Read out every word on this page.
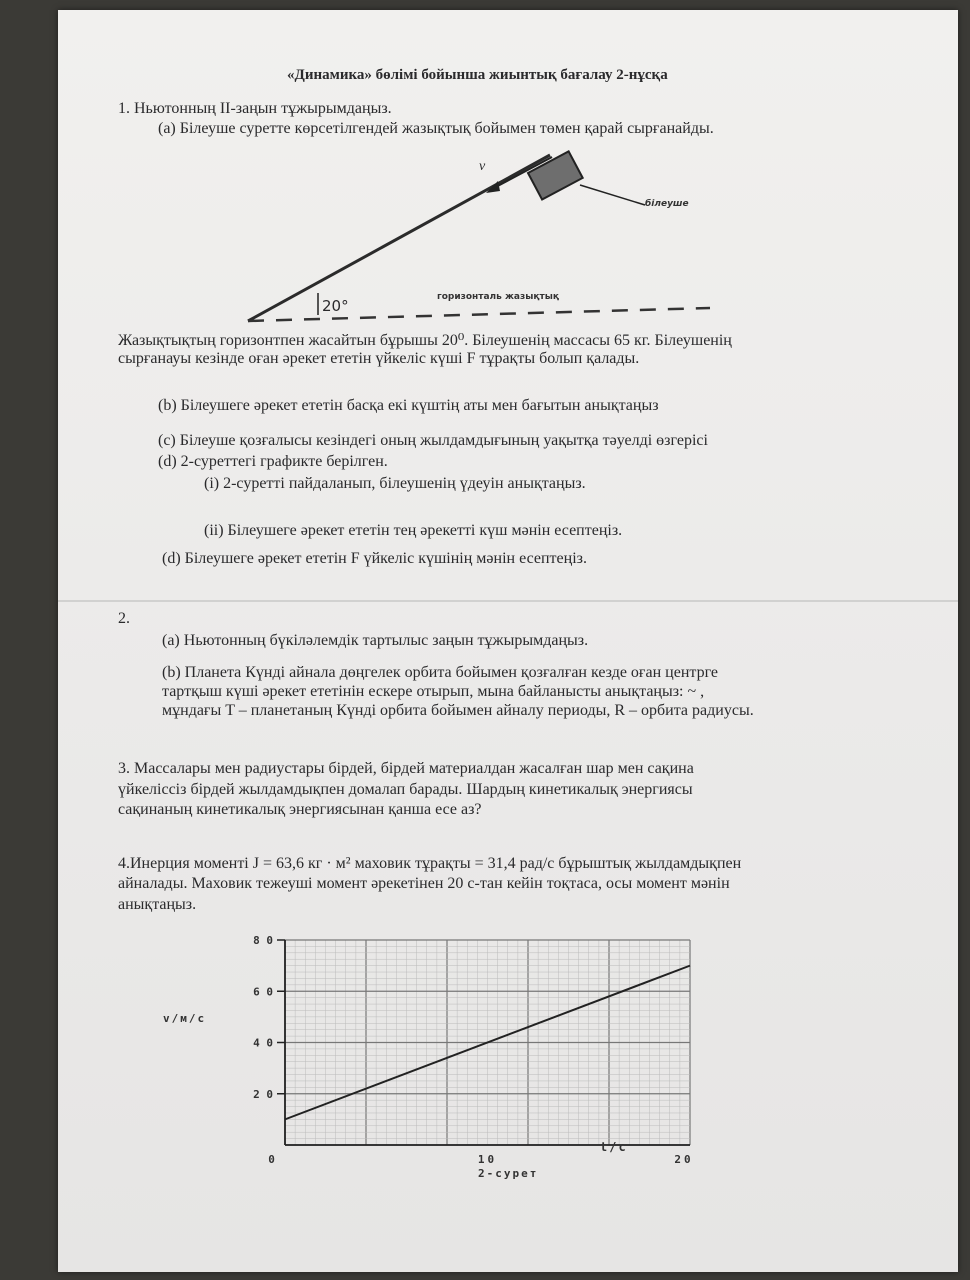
«Динамика» бөлімі бойынша жиынтық бағалау 2-нұсқа
1. Ньютонның ІІ-заңын тұжырымдаңыз.
(а) Білеуше суретте көрсетілгендей жазықтық бойымен төмен қарай сырғанайды.
v
білеуше
20°	горизонталь жазықтық
Жазықтықтың горизонтпен жасайтын бұрышы 20⁰. Білеушенің массасы 65 кг. Білеушенің
сырғанауы кезінде оған әрекет ететін үйкеліс күші F тұрақты болып қалады.
(b) Білеушеге әрекет ететін басқа екі күштің аты мен бағытын анықтаңыз
(c) Білеуше қозғалысы кезіндегі оның жылдамдығының уақытқа тәуелді өзгерісі
(d) 2-суреттегі графикте берілген.
(i) 2-суретті пайдаланып, білеушенің үдеуін анықтаңыз.
(ii) Білеушеге әрекет ететін тең әрекетті күш мәнін есептеңіз.
(d) Білеушеге әрекет ететін F үйкеліс күшінің мәнін есептеңіз.
2.
(a) Ньютонның бүкіләлемдік тартылыс заңын тұжырымдаңыз.
(b) Планета Күнді айнала дөңгелек орбита бойымен қозғалған кезде оған центрге
тартқыш күші әрекет ететінін ескере отырып, мына байланысты анықтаңыз: ~ ,
мұндағы T – планетаның Күнді орбита бойымен айналу периоды, R – орбита радиусы.
3. Массалары мен радиустары бірдей, бірдей материалдан жасалған шар мен сақина
үйкеліссіз бірдей жылдамдықпен домалап барады. Шардың кинетикалық энергиясы
сақинаның кинетикалық энергиясынан қанша есе аз?
4.Инерция моменті J = 63,6 кг · м² маховик тұрақты = 31,4 рад/с бұрыштық жылдамдықпен
айналады. Маховик тежеуші момент әрекетінен 20 с-тан кейін тоқтаса, осы момент мәнін
анықтаңыз.
2 0
4 0
6 0
8 0
0	10	20
v/м/c
t/c
2-сурет
